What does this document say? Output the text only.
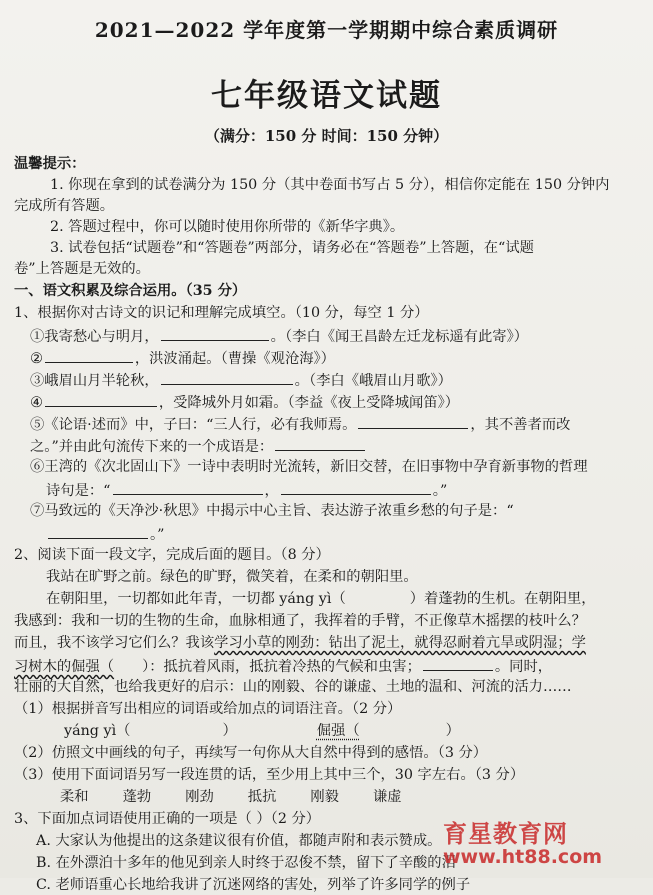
2021—2022 学年度第一学期期中综合素质调研
七年级语文试题
（满分：150 分 时间：150 分钟）
温馨提示：
1. 你现在拿到的试卷满分为 150 分（其中卷面书写占 5 分），相信你定能在 150 分钟内
完成所有答题。
2. 答题过程中，你可以随时使用你所带的《新华字典》。
3. 试卷包括“试题卷”和“答题卷”两部分，请务必在“答题卷”上答题，在“试题
卷”上答题是无效的。
一、语文积累及综合运用。（35 分）
1、根据你对古诗文的识记和理解完成填空。（10 分，每空 1 分）
①我寄愁心与明月，	。（李白《闻王昌龄左迁龙标遥有此寄》）
②	，洪波涌起。（曹操《观沧海》）
③峨眉山月半轮秋，	。（李白《峨眉山月歌》）
④	，受降城外月如霜。（李益《夜上受降城闻笛》）
⑤《论语·述而》中，子曰：“三人行，必有我师焉。	，其不善者而改
之。”并由此句流传下来的一个成语是：
⑥王湾的《次北固山下》一诗中表明时光流转，新旧交替，在旧事物中孕育新事物的哲理
诗句是：“	，	。”
⑦马致远的《天净沙·秋思》中揭示中心主旨、表达游子浓重乡愁的句子是：“
。”
2、阅读下面一段文字，完成后面的题目。（8 分）
我站在旷野之前。绿色的旷野，微笑着，在柔和的朝阳里。
在朝阳里，一切都如此年青，一切都 yáng yì（	）着蓬勃的生机。在朝阳里，
我感到：我和一切的生物的生命，血脉相通了，我挥着的手臂，不正像草木摇摆的枝叶么？
而且，我不该学习它们么？我该学习小草的刚劲：钻出了泥土，就得忍耐着亢旱或阴湿；学
习树木的倔强（ ）：抵抗着风雨，抵抗着冷热的气候和虫害；	。同时，
壮丽的大自然，也给我更好的启示：山的刚毅、谷的谦虚、土地的温和、河流的活力……
（1）根据拼音写出相应的词语或给加点的词语注音。（2 分）
yáng yì（	）	倔强（	）
（2）仿照文中画线的句子，再续写一句你从大自然中得到的感悟。（3 分）
（3）使用下面词语另写一段连贯的话，至少用上其中三个，30 字左右。（3 分）
柔和 蓬勃 刚劲 抵抗 刚毅 谦虚
3、下面加点词语使用正确的一项是（ ）（2 分）
A. 大家认为他提出的这条建议很有价值，都随声附和表示赞成。
B. 在外漂泊十多年的他见到亲人时终于忍俊不禁，留下了辛酸的泪
C. 老师语重心长地给我讲了沉迷网络的害处，列举了许多同学的例子
育星教育网
www.ht88.com
